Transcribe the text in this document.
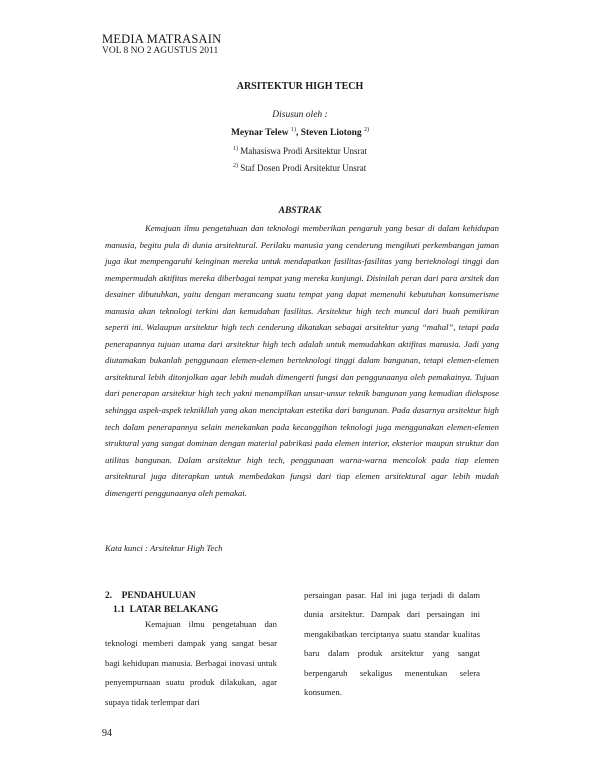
MEDIA MATRASAIN
VOL 8 NO 2 AGUSTUS 2011
ARSITEKTUR HIGH TECH
Disusun oleh :
Meynar Telew $^{1)}$, Steven Liotong $^{2)}$
$^{1)}$ Mahasiswa Prodi Arsitektur Unsrat
$^{2)}$ Staf Dosen Prodi Arsitektur Unsrat
ABSTRAK

Kemajuan ilmu pengetahuan dan teknologi memberikan pengaruh yang besar di dalam kehidupan manusia, begitu pula di dunia arsitektural. Perilaku manusia yang cenderung mengikuti perkembangan jaman juga ikut mempengaruhi keinginan mereka untuk mendapatkan fasilitas-fasilitas yang berteknologi tinggi dan mempermudah aktifitas mereka diberbagai tempat yang mereka kunjungi. Disinilah peran dari para arsitek dan desainer dibutuhkan, yaitu dengan merancang suatu tempat yang dapat memenuhi kebutuhan konsumerisme manusia akan teknologi terkini dan kemudahan fasilitas. Arsitektur high tech muncul dari buah pemikiran seperti ini. Walaupun arsitektur high tech cenderung dikatakan sebagai arsitektur yang “mahal”, tetapi pada penerapannya tujuan utama dari arsitektur high tech adalah untuk memudahkan aktifitas manusia. Jadi yang diutamakan bukanlah penggunaan elemen-elemen berteknologi tinggi dalam bangunan, tetapi elemen-elemen arsitektural lebih ditonjolkan agar lebih mudah dimengerti fungsi dan penggunaanya oleh pemakainya. Tujuan dari penerapan arsitektur high tech yakni menampilkan unsur-unsur teknik bangunan yang kemudian diekspose sehingga aspek-aspek teknikllah yang akan menciptakan estetika dari bangunan. Pada dasarnya arsitektur high tech dalam penerapannya selain menekankan pada kecanggihan teknologi juga menggunakan elemen-elemen struktural yang sangat dominan dengan material pabrikasi pada elemen interior, eksterior maupun struktur dan utilitas bangunan. Dalam arsitektur high tech, penggunaan warna-warna mencolok pada tiap elemen arsitektural juga diterapkan untuk membedakan fungsi dari tiap elemen arsitektural agar lebih mudah dimengerti penggunaanya oleh pemakai.

Kata kunci : Arsitektur High Tech
2.    PENDAHULUAN
1.1  LATAR BELAKANG

Kemajuan ilmu pengetahuan dan teknologi memberi dampak yang sangat besar bagi kehidupan manusia. Berbagai inovasi untuk penyempurnaan suatu produk dilakukan, agar supaya tidak terlempar dari

persaingan pasar. Hal ini juga terjadi di dalam dunia arsitektur. Dampak dari persaingan ini mengakibatkan terciptanya suatu standar kualitas baru dalam produk arsitektur yang sangat berpengaruh sekaligus menentukan selera konsumen.

94
